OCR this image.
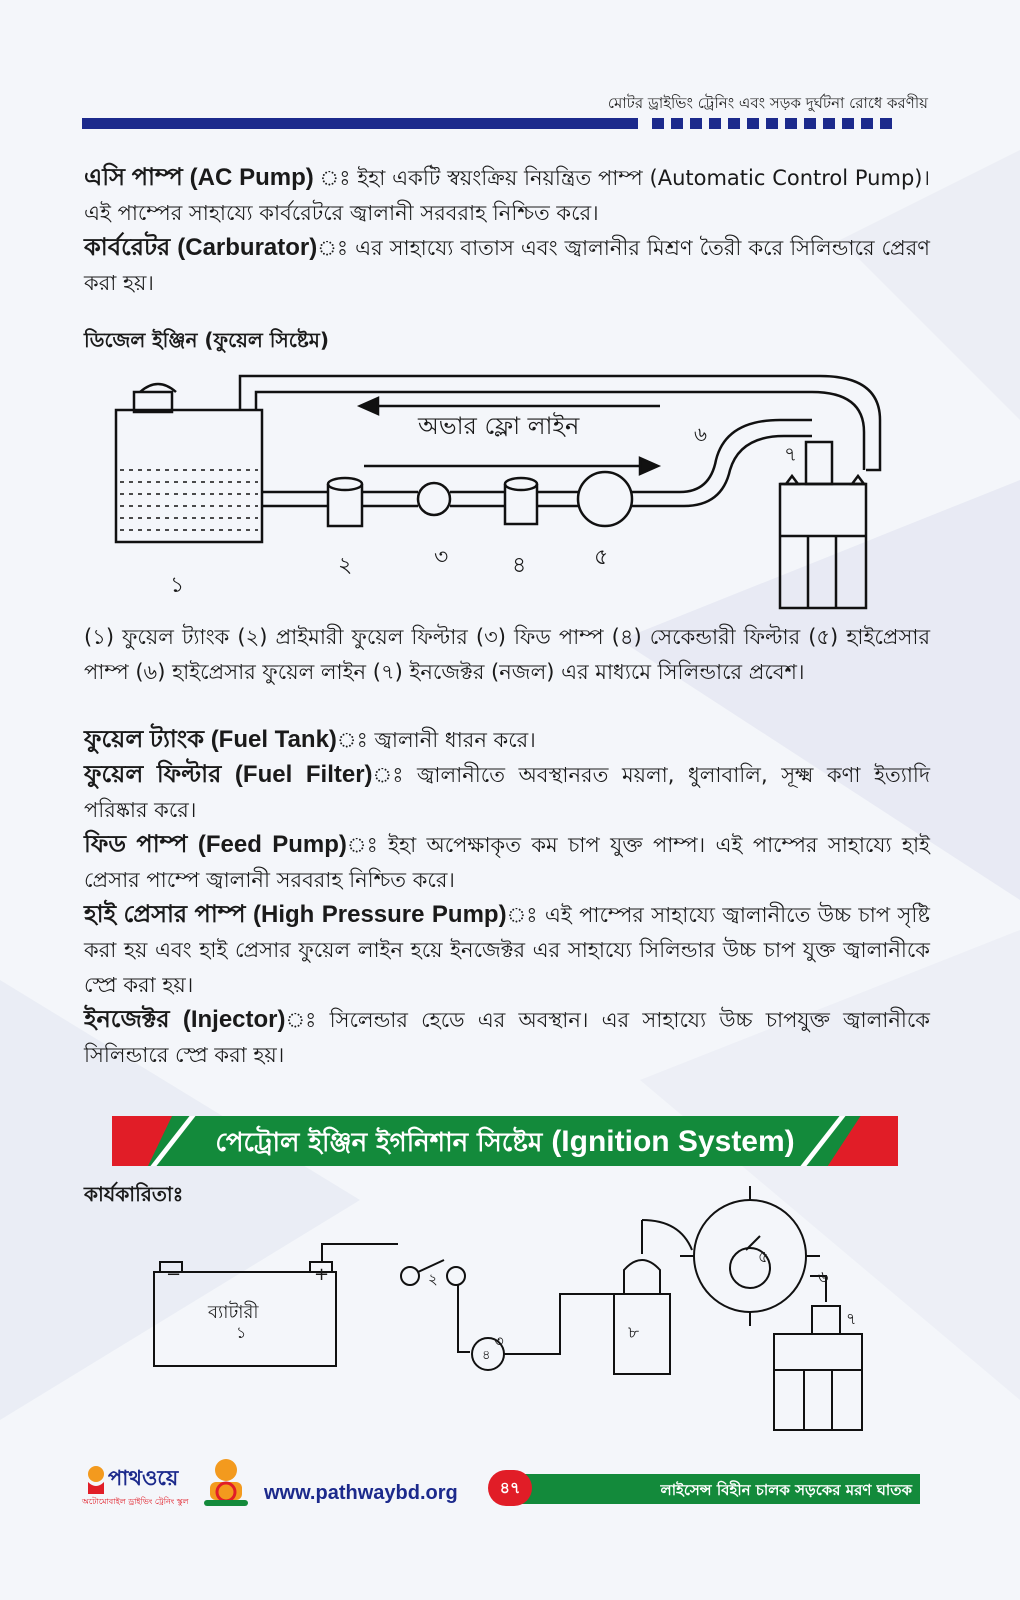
মোটর ড্রাইভিং ট্রেনিং এবং সড়ক দুর্ঘটনা রোধে করণীয়
এসি পাম্প (AC Pump) ঃ ইহা একটি স্বয়ংক্রিয় নিয়ন্ত্রিত পাম্প (Automatic Control Pump)। এই পাম্পের সাহায্যে কার্বরেটরে জ্বালানী সরবরাহ নিশ্চিত করে।
কার্বরেটর (Carburator)ঃ এর সাহায্যে বাতাস এবং জ্বালানীর মিশ্রণ তৈরী করে সিলিন্ডারে প্রেরণ করা হয়।
ডিজেল ইঞ্জিন (ফুয়েল সিষ্টেম)
অভার ফ্লো লাইন
১
২	৩	৪	৫
৬
৭
(১) ফুয়েল ট্যাংক (২) প্রাইমারী ফুয়েল ফিল্টার (৩) ফিড পাম্প (৪) সেকেন্ডারী ফিল্টার (৫) হাইপ্রেসার পাম্প (৬) হাইপ্রেসার ফুয়েল লাইন (৭) ইনজেক্টর (নজল) এর মাধ্যমে সিলিন্ডারে প্রবেশ।
ফুয়েল ট্যাংক (Fuel Tank)ঃ জ্বালানী ধারন করে।
ফুয়েল ফিল্টার (Fuel Filter)ঃ জ্বালানীতে অবস্থানরত ময়লা, ধুলাবালি, সূক্ষ্ম কণা ইত্যাদি পরিষ্কার করে।
ফিড পাম্প (Feed Pump)ঃ ইহা অপেক্ষাকৃত কম চাপ যুক্ত পাম্প। এই পাম্পের সাহায্যে হাই প্রেসার পাম্পে জ্বালানী সরবরাহ নিশ্চিত করে।
হাই প্রেসার পাম্প (High Pressure Pump)ঃ এই পাম্পের সাহায্যে জ্বালানীতে উচ্চ চাপ সৃষ্টি করা হয় এবং হাই প্রেসার ফুয়েল লাইন হয়ে ইনজেক্টর এর সাহায্যে সিলিন্ডার উচ্চ চাপ যুক্ত জ্বালানীকে স্প্রে করা হয়।
ইনজেক্টর (Injector)ঃ সিলেন্ডার হেডে এর অবস্থান। এর সাহায্যে উচ্চ চাপযুক্ত জ্বালানীকে সিলিন্ডারে স্প্রে করা হয়।
পেট্রোল ইঞ্জিন ইগনিশান সিষ্টেম (Ignition System)
কার্যকারিতাঃ
−	+
ব্যাটারী
১
২
৩
৪
৫
৬
৭
৮
পাথওয়ে
অটোমোবাইল ড্রাইভিং ট্রেনিং স্কুল	www.pathwaybd.org	৪৭	লাইসেন্স বিহীন চালক সড়কের মরণ ঘাতক
